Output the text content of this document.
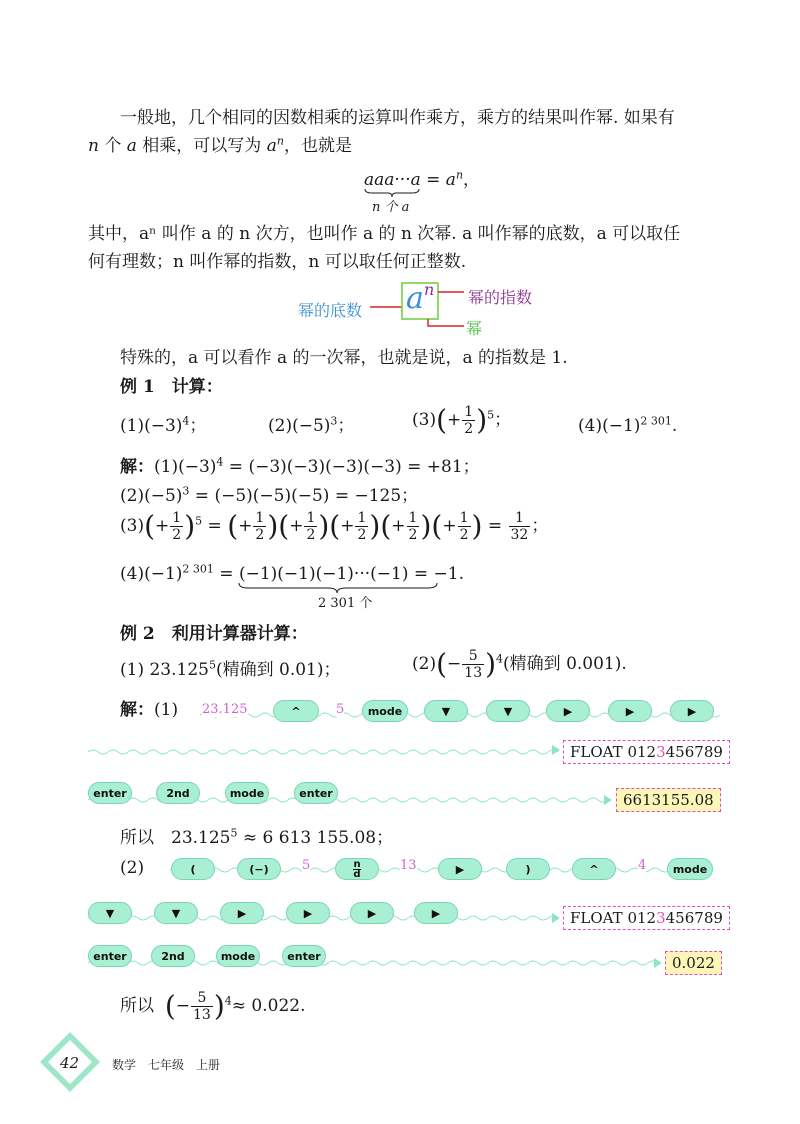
一般地，几个相同的因数相乘的运算叫作乘方，乘方的结果叫作幂. 如果有
n 个 a 相乘，可以写为 $a^n$，也就是
$aaa\cdot\cdot\cdot a = a^n$，
n 个 a
其中，aⁿ 叫作 a 的 n 次方，也叫作 a 的 n 次幂. a 叫作幂的底数，a 可以取任
何有理数；n 叫作幂的指数，n 可以取任何正整数.
幂的底数 a n 幂的指数
幂
特殊的，a 可以看作 a 的一次幂，也就是说，a 的指数是 1.
例 1　计算：
$(1)(-3)^4$；	$(2)(-5)^3$；	$(3)(+ \frac{1}{2} )^5$；	$(4)(-1)^{2 301}$.
解：$(1)(-3)^4 = (-3)(-3)(-3)(-3) = +81$；
$(2)(-5)^3 = (-5)(-5)(-5) = -125$；
$(3)(+ \frac{1}{2} )^5$ = (+ $\frac{1}{2}$ )(+ $\frac{1}{2}$ )(+ $\frac{1}{2}$ )(+ $\frac{1}{2}$ )(+ $\frac{1}{2}$ ) = $\frac{1}{32}$ ；
$(4)(-1)^{2 301} = (-1)(-1)(-1)\cdot\cdot\cdot(-1) = -1$.
2 301 个
例 2　利用计算器计算：
(1) 23.125$^5$(精确到 0.01)；	$(2)(- \frac{5}{13} )^4$(精确到 0.001).
解：(1) 23.125	^	5	mode	▼	▼	▶	▶	▶
FLOAT 0123456789
enter	2nd	mode	enter	6613155.08
所以　$23.125^5 \approx 6$ 613 155.08；
(2)	(	(−)	5	n
d
13	▶	)	^	4	mode
▼	▼	▶	▶	▶	▶	FLOAT 0123456789
enter	2nd	mode	enter	0.022
所以 (− $\frac{5}{13} )^4\approx 0.022$.
42	数学　七年级　上册
